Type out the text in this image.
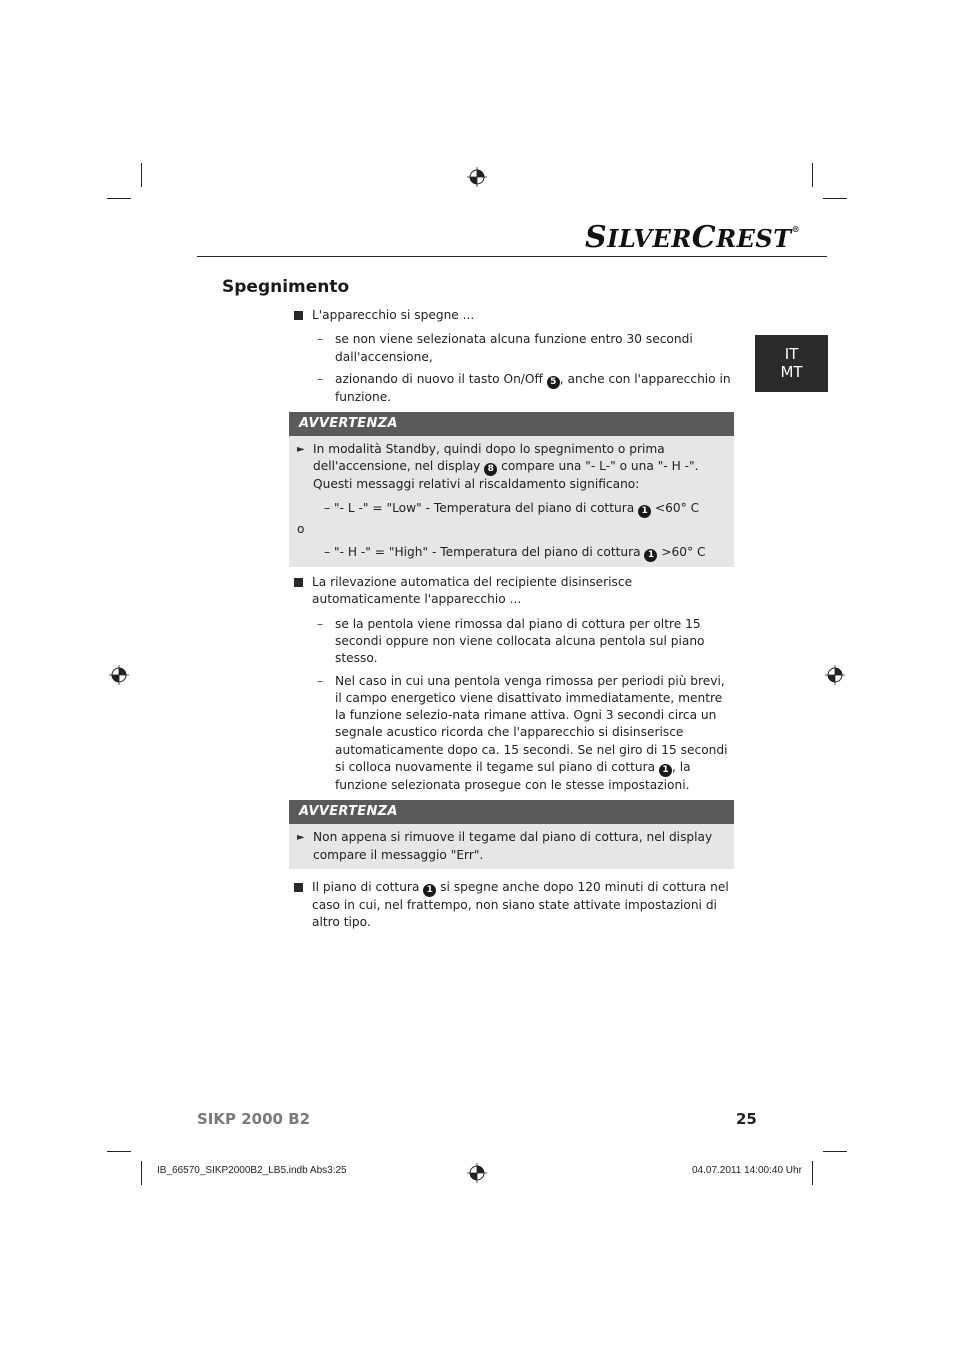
SILVERCREST®
IT
MT
Spegnimento
L'apparecchio si spegne ...
– se non viene selezionata alcuna funzione entro 30 secondi dall'accensione,
– azionando di nuovo il tasto On/Off 5 , anche con l'apparecchio in funzione.
AVVERTENZA
► In modalità Standby, quindi dopo lo spegnimento o prima dell'accensione, nel display 8 compare una "- L-" o una "- H -". Questi messaggi relativi al riscaldamento significano:
– "- L -" = "Low" - Temperatura del piano di cottura 1 <60° C
o
– "- H -" = "High" - Temperatura del piano di cottura 1 >60° C
La rilevazione automatica del recipiente disinserisce automaticamente l'apparecchio ...
– se la pentola viene rimossa dal piano di cottura per oltre 15 secondi oppure non viene collocata alcuna pentola sul piano stesso.
– Nel caso in cui una pentola venga rimossa per periodi più brevi, il campo energetico viene disattivato immediatamente, mentre la funzione selezio-nata rimane attiva. Ogni 3 secondi circa un segnale acustico ricorda che l'apparecchio si disinserisce automaticamente dopo ca. 15 secondi. Se nel giro di 15 secondi si colloca nuovamente il tegame sul piano di cottura 1 , la funzione selezionata prosegue con le stesse impostazioni.
AVVERTENZA
► Non appena si rimuove il tegame dal piano di cottura, nel display compare il messaggio "Err".
Il piano di cottura 1 si spegne anche dopo 120 minuti di cottura nel caso in cui, nel frattempo, non siano state attivate impostazioni di altro tipo.
SIKP 2000 B2	25
IB_66570_SIKP2000B2_LB5.indb Abs3:25	04.07.2011 14:00:40 Uhr
